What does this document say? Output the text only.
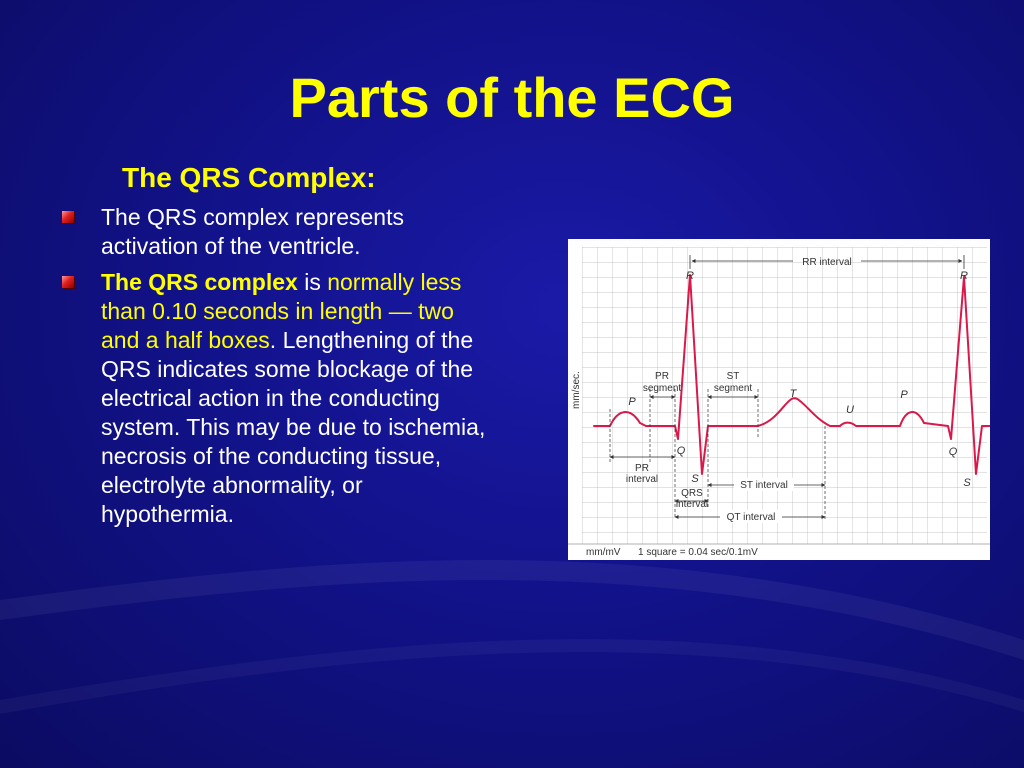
Parts of the ECG
The QRS Complex:
The QRS complex represents activation of the ventricle.
The QRS complex is normally less than 0.10 seconds in length — two and a half boxes. Lengthening of the QRS indicates some blockage of the electrical action in the conducting system. This may be due to ischemia, necrosis of the conducting tissue, electrolyte abnormality, or hypothermia.
mm/sec.
R	R
P
P
T
U
Q	Q
S	S
RR interval
PR
segment
ST
segment
PR
interval
ST interval
QRS
interval
QT interval
mm/mV 1 square = 0.04 sec/0.1mV
